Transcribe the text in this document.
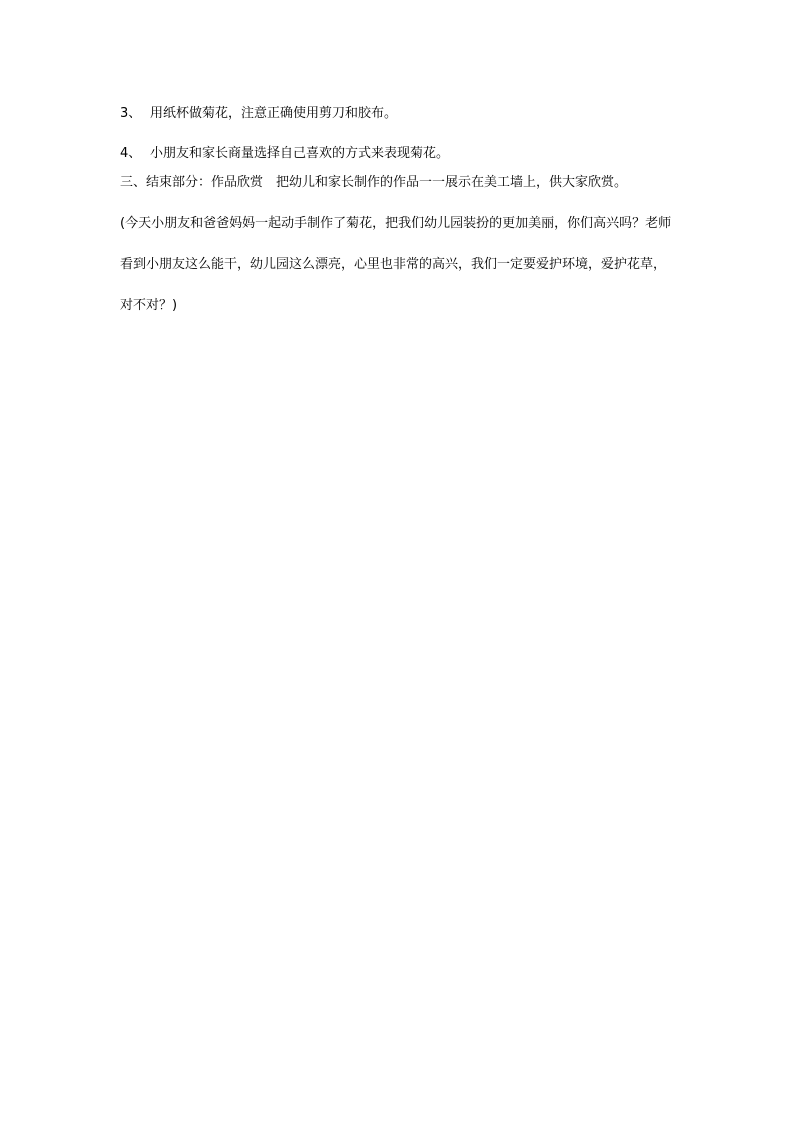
3、 用纸杯做菊花，注意正确使用剪刀和胶布。
4、 小朋友和家长商量选择自己喜欢的方式来表现菊花。
三、结束部分：作品欣赏　把幼儿和家长制作的作品一一展示在美工墙上，供大家欣赏。
(今天小朋友和爸爸妈妈一起动手制作了菊花，把我们幼儿园装扮的更加美丽，你们高兴吗？老师看到小朋友这么能干，幼儿园这么漂亮，心里也非常的高兴，我们一定要爱护环境，爱护花草，对不对？)
